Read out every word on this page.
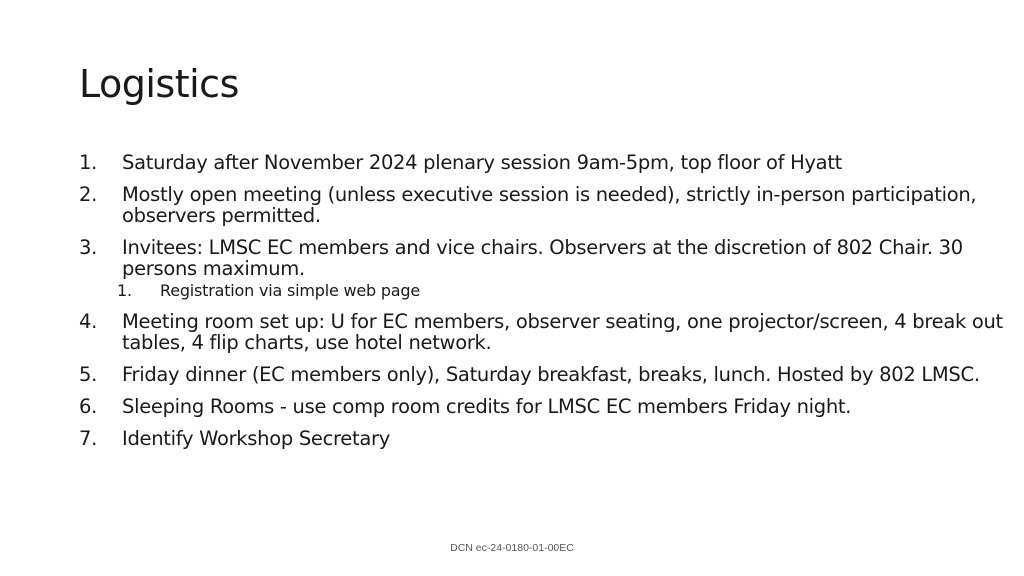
Logistics
1. Saturday after November 2024 plenary session 9am-5pm, top floor of Hyatt
2. Mostly open meeting (unless executive session is needed), strictly in-person participation, observers permitted.
3. Invitees: LMSC EC members and vice chairs. Observers at the discretion of 802 Chair. 30 persons maximum.
1. Registration via simple web page
4. Meeting room set up: U for EC members, observer seating, one projector/screen, 4 break out tables, 4 flip charts, use hotel network.
5. Friday dinner (EC members only), Saturday breakfast, breaks, lunch. Hosted by 802 LMSC.
6. Sleeping Rooms - use comp room credits for LMSC EC members Friday night.
7. Identify Workshop Secretary
DCN ec-24-0180-01-00EC
